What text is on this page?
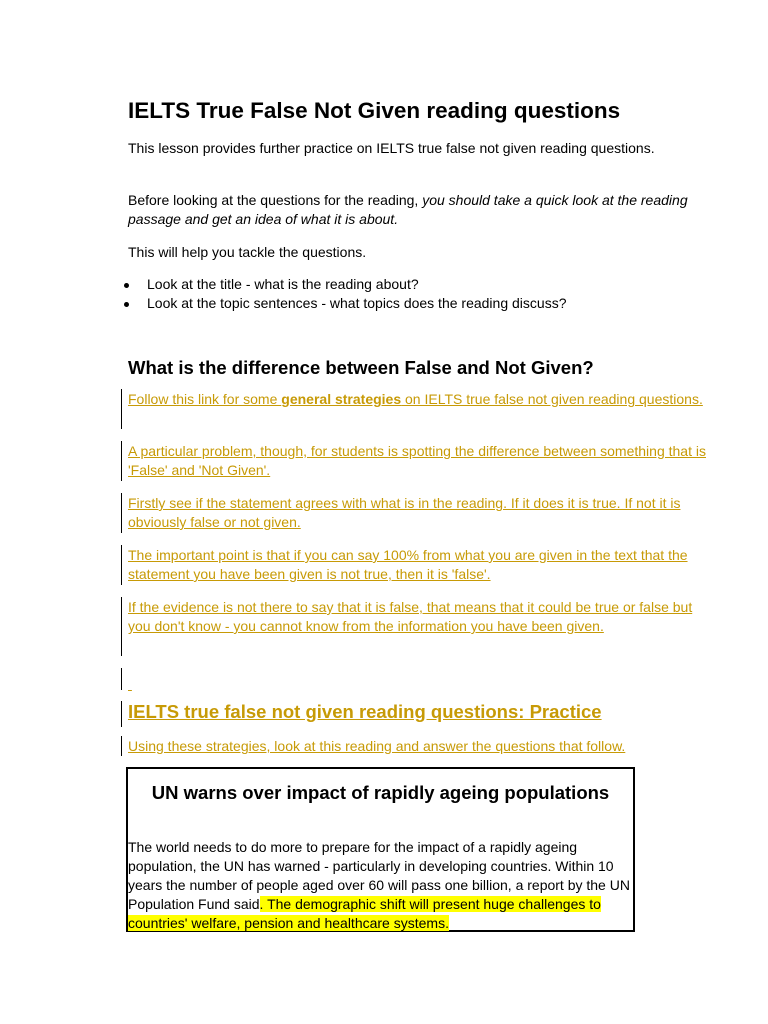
IELTS True False Not Given reading questions

This lesson provides further practice on IELTS true false not given reading questions.

Before looking at the questions for the reading, you should take a quick look at the reading passage and get an idea of what it is about.

This will help you tackle the questions.

Look at the title - what is the reading about?
Look at the topic sentences - what topics does the reading discuss?
What is the difference between False and Not Given?

Follow this link for some general strategies on IELTS true false not given reading questions.

A particular problem, though, for students is spotting the difference between something that is 'False' and 'Not Given'.

Firstly see if the statement agrees with what is in the reading. If it does it is true. If not it is obviously false or not given.

The important point is that if you can say 100% from what you are given in the text that the statement you have been given is not true, then it is 'false'.

If the evidence is not there to say that it is false, that means that it could be true or false but you don't know - you cannot know from the information you have been given.

IELTS true false not given reading questions: Practice

Using these strategies, look at this reading and answer the questions that follow.

UN warns over impact of rapidly ageing populations

The world needs to do more to prepare for the impact of a rapidly ageing population, the UN has warned - particularly in developing countries. Within 10 years the number of people aged over 60 will pass one billion, a report by the UN Population Fund said. The demographic shift will present huge challenges to countries' welfare, pension and healthcare systems.
